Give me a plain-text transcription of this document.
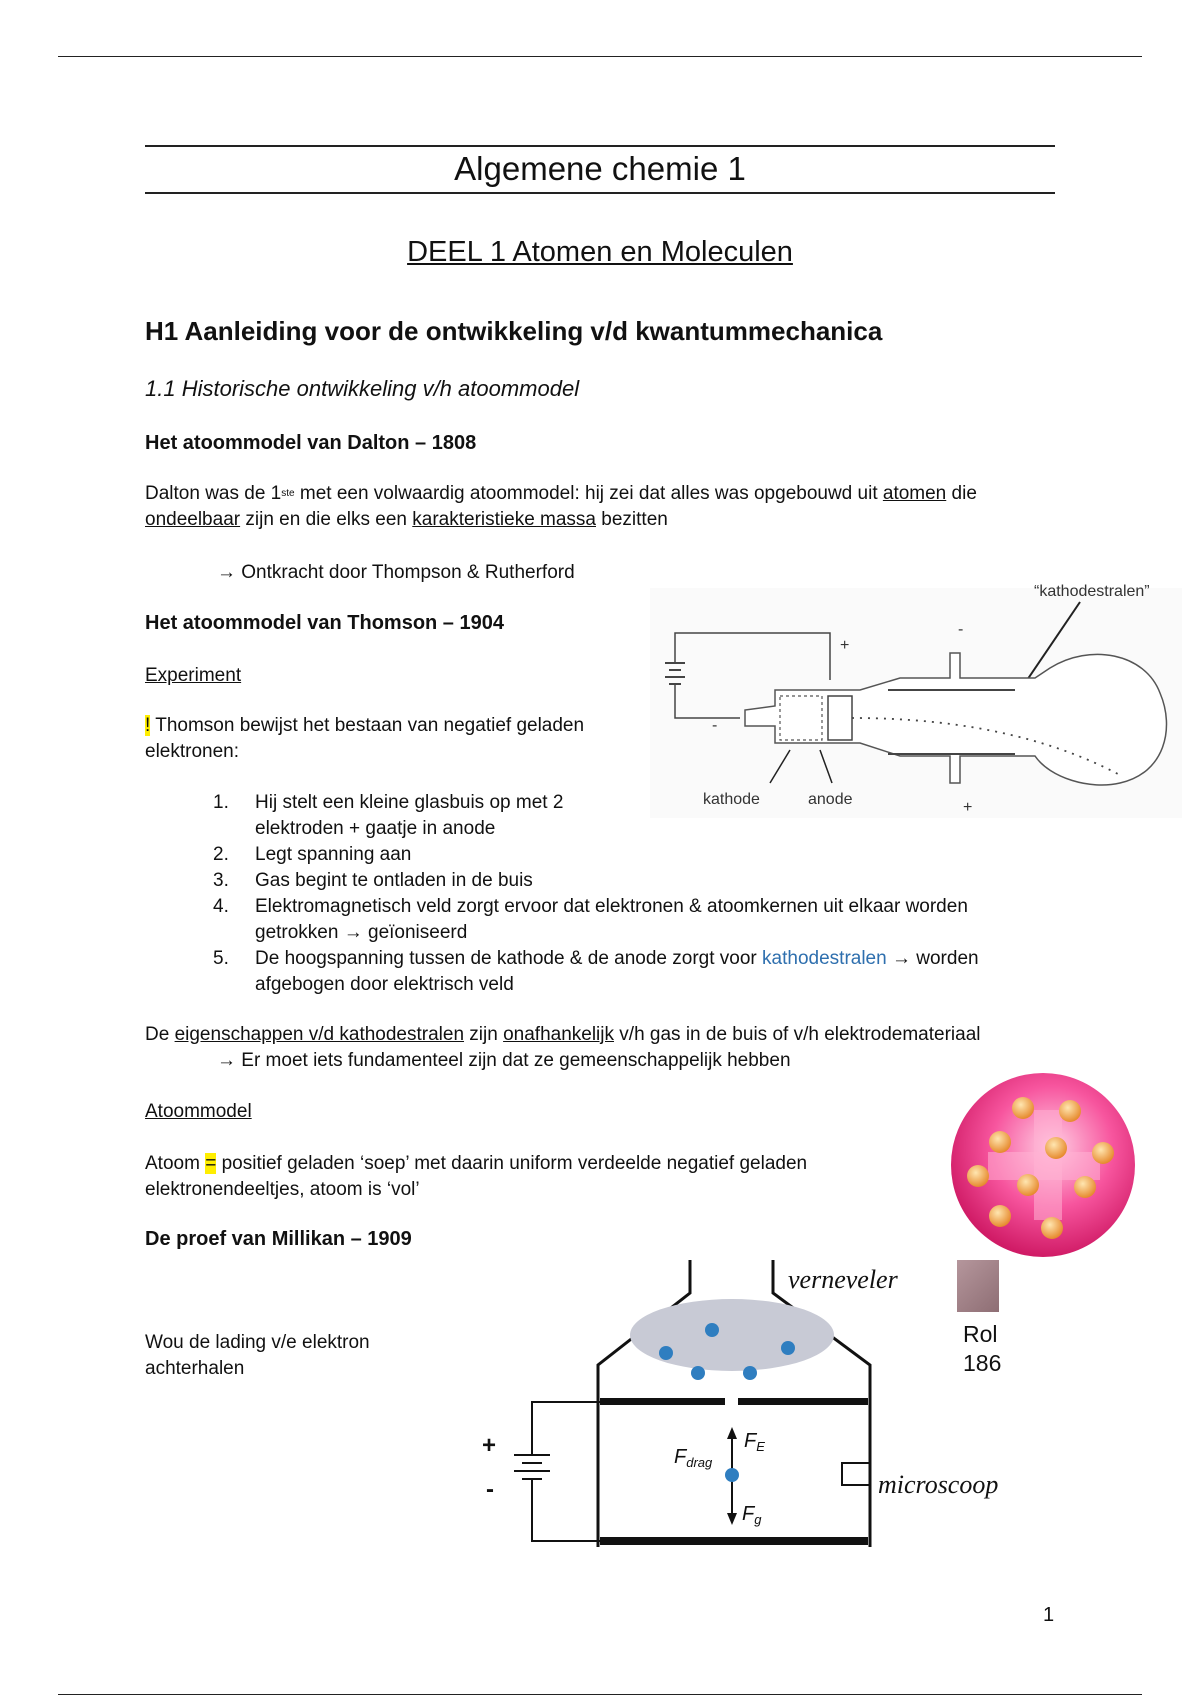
Algemene chemie 1
DEEL 1 Atomen en Moleculen
H1 Aanleiding voor de ontwikkeling v/d kwantummechanica
1.1 Historische ontwikkeling v/h atoommodel
Het atoommodel van Dalton – 1808
Dalton was de 1ste met een volwaardig atoommodel: hij zei dat alles was opgebouwd uit atomen die
ondeelbaar zijn en die elks een karakteristieke massa bezitten
→ Ontkracht door Thompson & Rutherford
Het atoommodel van Thomson – 1904
Experiment
! Thomson bewijst het bestaan van negatief geladen
elektronen:
1.	Hij stelt een kleine glasbuis op met 2
elektroden + gaatje in anode
2.	Legt spanning aan
3.	Gas begint te ontladen in de buis
4.	Elektromagnetisch veld zorgt ervoor dat elektronen & atoomkernen uit elkaar worden
getrokken → geïoniseerd
5.	De hoogspanning tussen de kathode & de anode zorgt voor kathodestralen → worden
afgebogen door elektrisch veld
De eigenschappen v/d kathodestralen zijn onafhankelijk v/h gas in de buis of v/h elektrodemateriaal
→ Er moet iets fundamenteel zijn dat ze gemeenschappelijk hebben
Atoommodel
Atoom = positief geladen ‘soep’ met daarin uniform verdeelde negatief geladen
elektronendeeltjes, atoom is ‘vol’
De proef van Millikan – 1909
Wou de lading v/e elektron
achterhalen
“kathodestralen”
+
-
-
+
kathode	anode
verneveler
+
-
$F_{drag}$
$F_E$
$F_g$
microscoop
Rol
186
1
